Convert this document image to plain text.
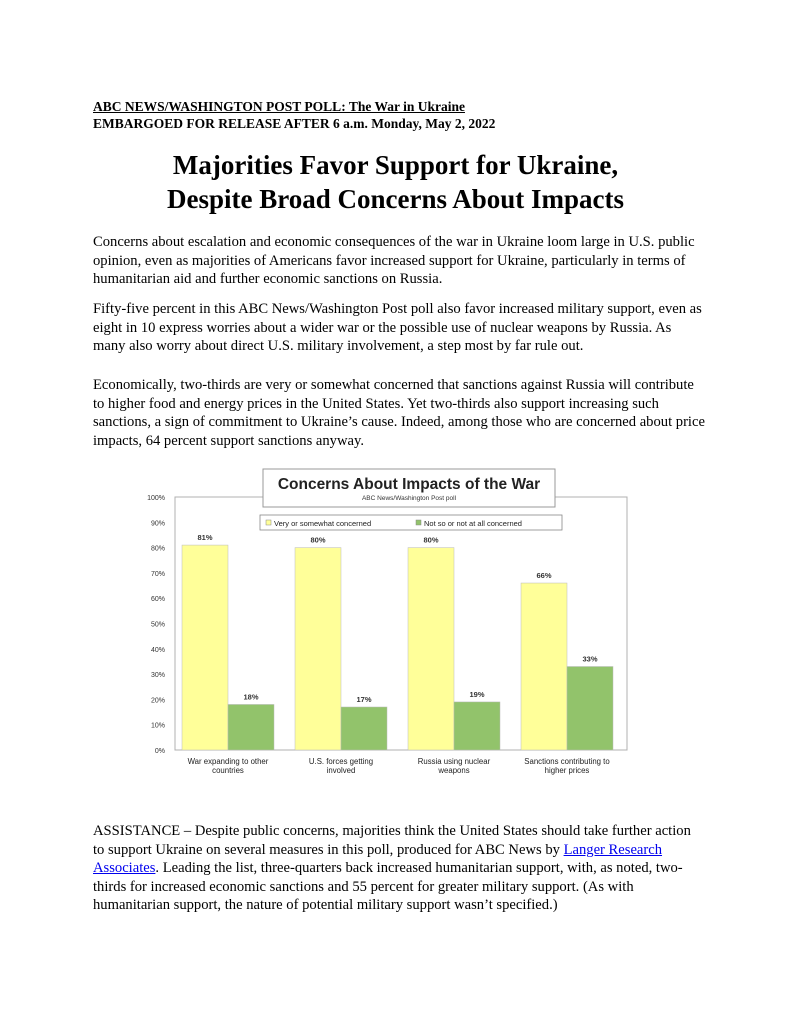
ABC NEWS/WASHINGTON POST POLL: The War in Ukraine
EMBARGOED FOR RELEASE AFTER 6 a.m. Monday, May 2, 2022
Majorities Favor Support for Ukraine,
Despite Broad Concerns About Impacts
Concerns about escalation and economic consequences of the war in Ukraine loom large in U.S. public opinion, even as majorities of Americans favor increased support for Ukraine, particularly in terms of humanitarian aid and further economic sanctions on Russia.
Fifty-five percent in this ABC News/Washington Post poll also favor increased military support, even as eight in 10 express worries about a wider war or the possible use of nuclear weapons by Russia. As many also worry about direct U.S. military involvement, a step most by far rule out.
Economically, two-thirds are very or somewhat concerned that sanctions against Russia will contribute to higher food and energy prices in the United States. Yet two-thirds also support increasing such sanctions, a sign of commitment to Ukraine’s cause. Indeed, among those who are concerned about price impacts, 64 percent support sanctions anyway.
0%
10%
20%
30%
40%
50%
60%
70%
80%
90%
100%
Concerns About Impacts of the War
ABC News/Washington Post poll
Very or somewhat concerned	Not so or not at all concerned
81%
18%
War expanding to other
countries
80%
17%
U.S. forces getting
involved
80%
19%
Russia using nuclear
weapons
66%
33%
Sanctions contributing to
higher prices
ASSISTANCE – Despite public concerns, majorities think the United States should take further action to support Ukraine on several measures in this poll, produced for ABC News by Langer Research Associates. Leading the list, three-quarters back increased humanitarian support, with, as noted, two-thirds for increased economic sanctions and 55 percent for greater military support. (As with humanitarian support, the nature of potential military support wasn’t specified.)
